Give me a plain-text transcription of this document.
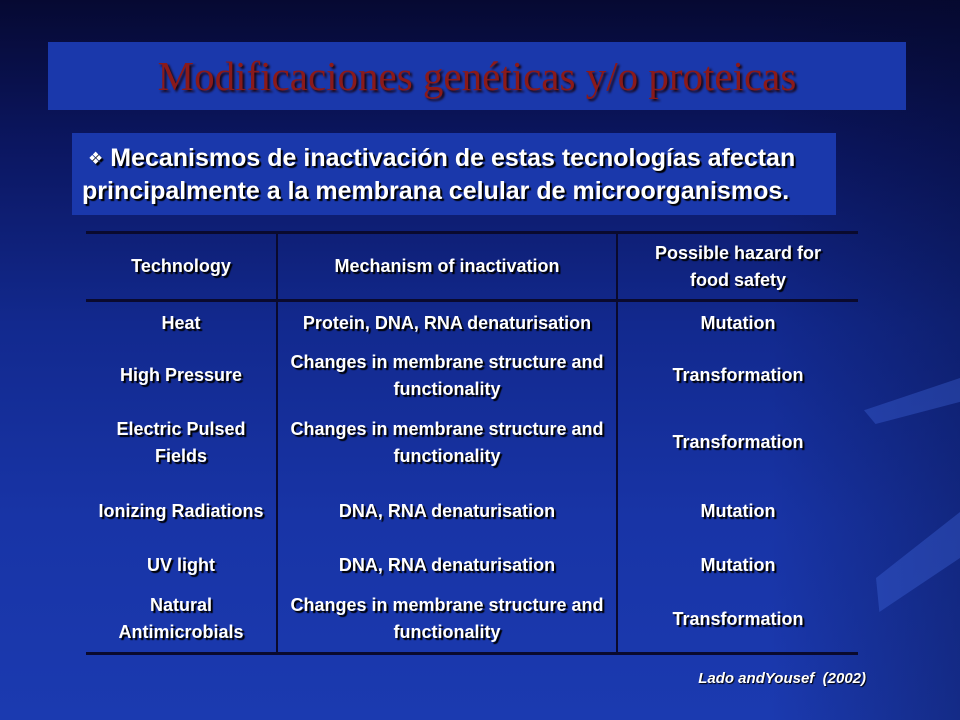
Modificaciones genéticas y/o proteicas

❖Mecanismos de inactivación de estas tecnologías afectan principalmente a la membrana celular de microorganismos.

Technology	Mechanism of inactivation	Possible hazard for food safety
Heat	Protein, DNA, RNA denaturisation	Mutation
High Pressure	Changes in membrane structure and functionality	Transformation
Electric Pulsed Fields	Changes in membrane structure and functionality	Transformation
Ionizing Radiations	DNA, RNA denaturisation	Mutation
UV light	DNA, RNA denaturisation	Mutation
Natural Antimicrobials	Changes in membrane structure and functionality	Transformation
Lado andYousef  (2002)
